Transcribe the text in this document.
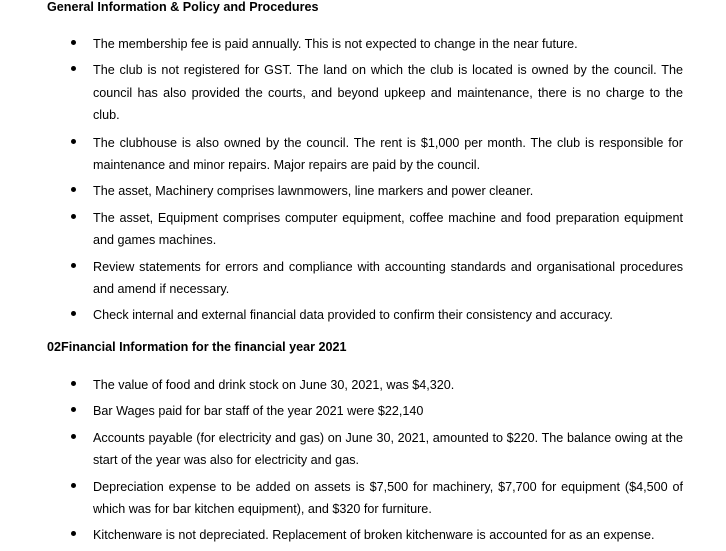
General Information & Policy and Procedures
The membership fee is paid annually. This is not expected to change in the near future.
The club is not registered for GST. The land on which the club is located is owned by the council. The council has also provided the courts, and beyond upkeep and maintenance, there is no charge to the club.
The clubhouse is also owned by the council. The rent is $1,000 per month. The club is responsible for maintenance and minor repairs. Major repairs are paid by the council.
The asset, Machinery comprises lawnmowers, line markers and power cleaner.
The asset, Equipment comprises computer equipment, coffee machine and food preparation equipment and games machines.
Review statements for errors and compliance with accounting standards and organisational procedures and amend if necessary.
Check internal and external financial data provided to confirm their consistency and accuracy.
02Financial Information for the financial year 2021
The value of food and drink stock on June 30, 2021, was $4,320.
Bar Wages paid for bar staff of the year 2021 were $22,140
Accounts payable (for electricity and gas) on June 30, 2021, amounted to $220. The balance owing at the start of the year was also for electricity and gas.
Depreciation expense to be added on assets is $7,500 for machinery, $7,700 for equipment ($4,500 of which was for bar kitchen equipment), and $320 for furniture.
Kitchenware is not depreciated. Replacement of broken kitchenware is accounted for as an expense.
